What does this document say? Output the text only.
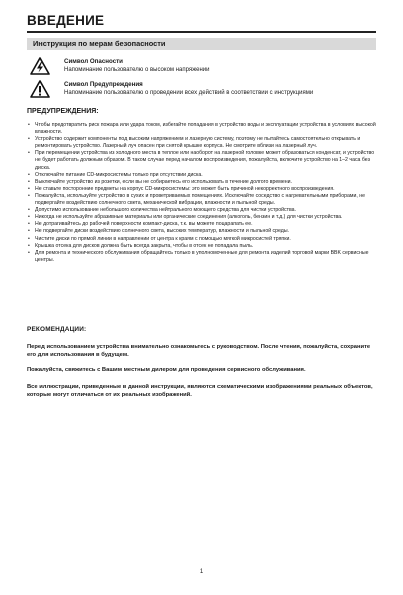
ВВЕДЕНИЕ
Инструкция по мерам безопасности
Символ Опасности
Напоминание пользователю о высоком напряжении
Символ Предупреждения
Напоминание пользователю о проведении всех действий в соответствии с инструкциями
ПРЕДУПРЕЖДЕНИЯ:
• Чтобы предотвратить риск пожара или удара током, избегайте попадания в устройство воды и эксплуатации устройства в условиях высокой влажности.
• Устройство содержит компоненты под высоким напряжением и лазерную систему, поэтому не пытайтесь самостоятельно открывать и ремонтировать устройство. Лазерный луч опасен при снятой крышке корпуса. Не смотрите вблизи на лазерный луч.
• При перемещении устройства из холодного места в теплое или наоборот на лазерной головке может образоваться конденсат, и устройство не будет работать должным образом. В таком случае перед началом воспроизведения, пожалуйста, включите устройство на 1–2 часа без диска.
• Отключайте питание CD-микросистемы только при отсутствии диска.
• Выключайте устройство из розетки, если вы не собираетесь его использовать в течение долгого времени.
• Не ставьте посторонние предметы на корпус CD-микросистемы: это может быть причиной некорректного воспроизведения.
• Пожалуйста, используйте устройство в сухих и проветриваемых помещениях. Исключайте соседство с нагревательными приборами, не подвергайте воздействию солнечного света, механической вибрации, влажности и пыльной среды.
• Допустимо использование небольшого количества нейтрального моющего средства для чистки устройства.
• Никогда не используйте абразивные материалы или органические соединения (алкоголь, бензин и т.д.) для чистки устройства.
• Не дотрагивайтесь до рабочей поверхности компакт-диска, т.к. вы можете поцарапать ее.
• Не подвергайте диски воздействию солнечного света, высоких температур, влажности и пыльной среды.
• Чистите диски по прямой линии в направлении от центра к краям с помощью мягкой микросистей тряпки.
• Крышка отсека для дисков должна быть всегда закрыта, чтобы в отсек не попадала пыль.
• Для ремонта и технического обслуживания обращайтесь только в уполномоченные для ремонта изделий торговой марки BBK сервисные центры.
РЕКОМЕНДАЦИИ:

Перед использованием устройства внимательно ознакомьтесь с руководством. После чтения, пожалуйста, сохраните его для использования в будущем.

Пожалуйста, свяжитесь с Вашим местным дилером для проведения сервисного обслуживания.

Все иллюстрации, приведенные в данной инструкции, являются схематическими изображениями реальных объектов, которые могут отличаться от их реальных изображений.

1
